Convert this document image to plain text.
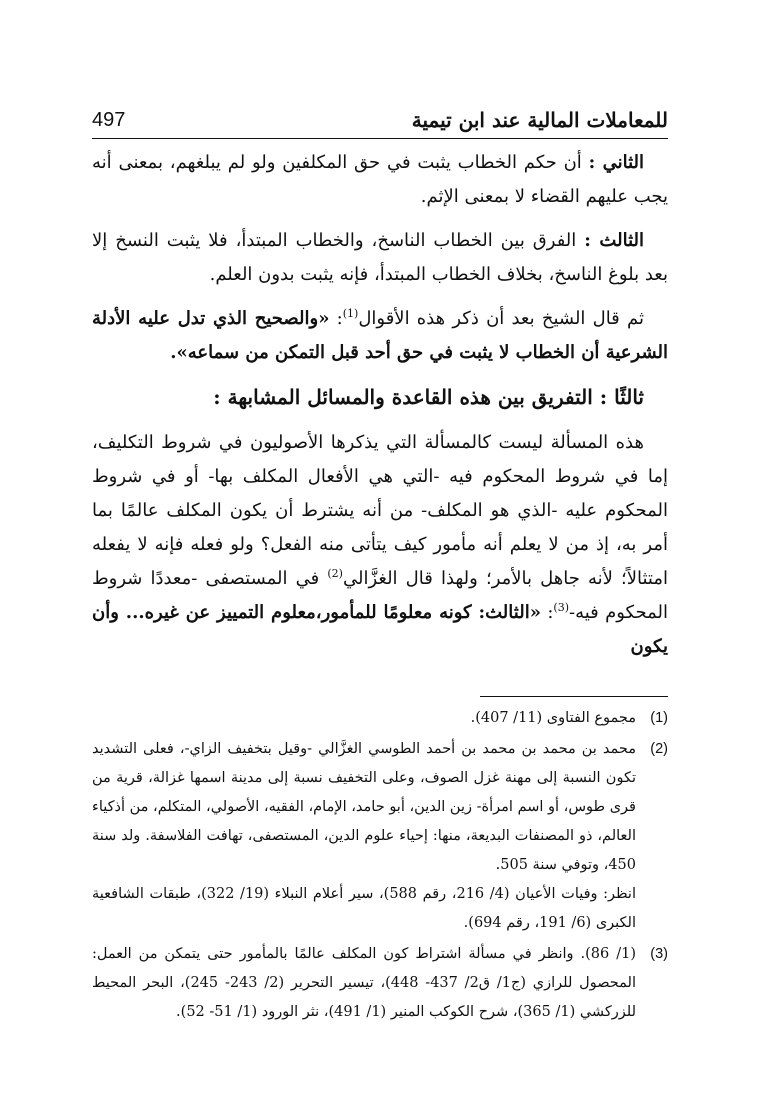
للمعاملات المالية عند ابن تيمية
497

الثاني : أن حكم الخطاب يثبت في حق المكلفين ولو لم يبلغهم، بمعنى أنه يجب عليهم القضاء لا بمعنى الإثم.

الثالث : الفرق بين الخطاب الناسخ، والخطاب المبتدأ، فلا يثبت النسخ إلا بعد بلوغ الناسخ، بخلاف الخطاب المبتدأ، فإنه يثبت بدون العلم.

ثم قال الشيخ بعد أن ذكر هذه الأقوال$^{(1)}$: «والصحيح الذي تدل عليه الأدلة الشرعية أن الخطاب لا يثبت في حق أحد قبل التمكن من سماعه».

ثالثًا : التفريق بين هذه القاعدة والمسائل المشابهة :

هذه المسألة ليست كالمسألة التي يذكرها الأصوليون في شروط التكليف، إما في شروط المحكوم فيه -التي هي الأفعال المكلف بها- أو في شروط المحكوم عليه -الذي هو المكلف- من أنه يشترط أن يكون المكلف عالمًا بما أمر به، إذ من لا يعلم أنه مأمور كيف يتأتى منه الفعل؟ ولو فعله فإنه لا يفعله امتثالاً؛ لأنه جاهل بالأمر؛ ولهذا قال الغزَّالي$^{(2)}$ في المستصفى -معددًا شروط المحكوم فيه-$^{(3)}$: «الثالث: كونه معلومًا للمأمور،معلوم التمييز عن غيره... وأن يكون

(1)

مجموع الفتاوى (11/ 407).

(2)

محمد بن محمد بن محمد بن أحمد الطوسي الغزَّالي -وقيل بتخفيف الزاي-، فعلى التشديد تكون النسبة إلى مهنة غزل الصوف، وعلى التخفيف نسبة إلى مدينة اسمها غزالة، قرية من قرى طوس، أو اسم امرأة- زين الدين، أبو حامد، الإمام، الفقيه، الأصولي، المتكلم، من أذكياء العالم، ذو المصنفات البديعة، منها: إحياء علوم الدين، المستصفى، تهافت الفلاسفة. ولد سنة 450، وتوفي سنة 505.

انظر: وفيات الأعيان (4/ 216، رقم 588)، سير أعلام النبلاء (19/ 322)، طبقات الشافعية الكبرى (6/ 191، رقم 694).

(3)

(1/ 86). وانظر في مسألة اشتراط كون المكلف عالمًا بالمأمور حتى يتمكن من العمل: المحصول للرازي (ج1/ ق2/ 437- 448)، تيسير التحرير (2/ 243- 245)، البحر المحيط للزركشي (1/ 365)، شرح الكوكب المنير (1/ 491)، نثر الورود (1/ 51- 52).
